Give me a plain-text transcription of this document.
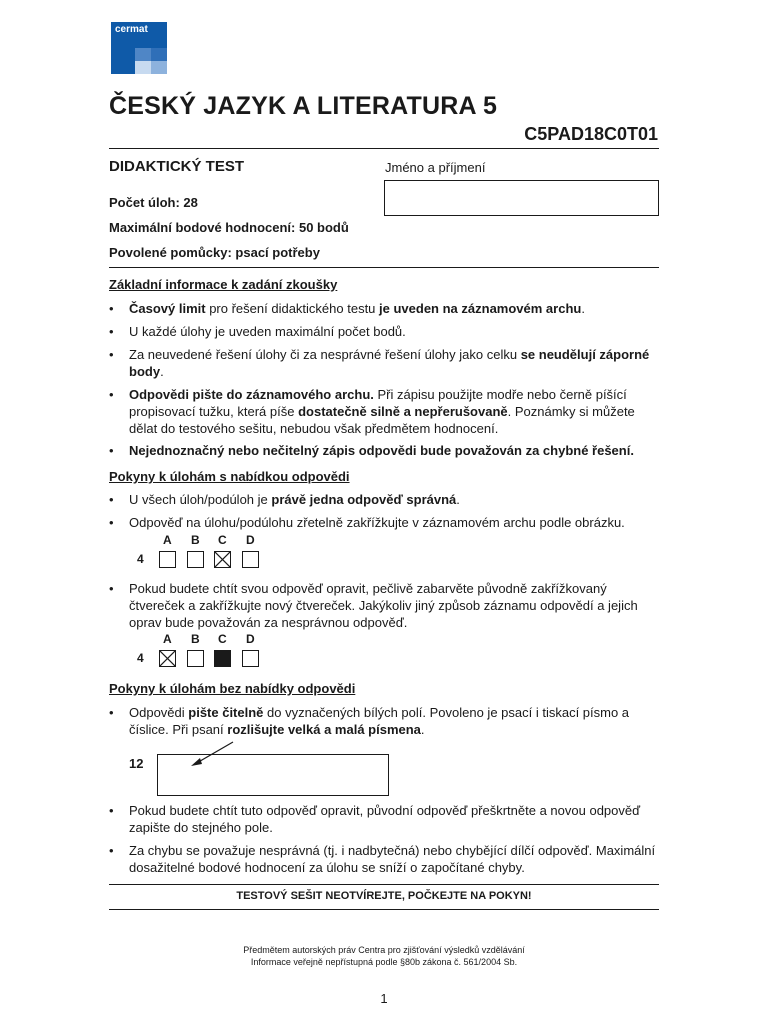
cermat
ČESKÝ JAZYK A LITERATURA 5
C5PAD18C0T01
DIDAKTICKÝ TEST	Jméno a příjmení
Počet úloh: 28
Maximální bodové hodnocení: 50 bodů
Povolené pomůcky: psací potřeby
Základní informace k zadání zkoušky
• Časový limit pro řešení didaktického testu je uveden na záznamovém archu.
• U každé úlohy je uveden maximální počet bodů.
• Za neuvedené řešení úlohy či za nesprávné řešení úlohy jako celku se neudělují záporné body.
• Odpovědi pište do záznamového archu. Při zápisu použijte modře nebo černě píšící propisovací tužku, která píše dostatečně silně a nepřerušovaně. Poznámky si můžete dělat do testového sešitu, nebudou však předmětem hodnocení.
• Nejednoznačný nebo nečitelný zápis odpovědi bude považován za chybné řešení.
Pokyny k úlohám s nabídkou odpovědi
• U všech úloh/podúloh je právě jedna odpověď správná.
• Odpověď na úlohu/podúlohu zřetelně zakřížkujte v záznamovém archu podle obrázku.
A B C D
4
• Pokud budete chtít svou odpověď opravit, pečlivě zabarvěte původně zakřížkovaný čtvereček a zakřížkujte nový čtvereček. Jakýkoliv jiný způsob záznamu odpovědí a jejich oprav bude považován za nesprávnou odpověď.
A B C D
4
Pokyny k úlohám bez nabídky odpovědi
• Odpovědi pište čitelně do vyznačených bílých polí. Povoleno je psací i tiskací písmo a číslice. Při psaní rozlišujte velká a malá písmena.
12
• Pokud budete chtít tuto odpověď opravit, původní odpověď přeškrtněte a novou odpověď zapište do stejného pole.
• Za chybu se považuje nesprávná (tj. i nadbytečná) nebo chybějící dílčí odpověď. Maximální dosažitelné bodové hodnocení za úlohu se sníží o započítané chyby.
TESTOVÝ SEŠIT NEOTVÍREJTE, POČKEJTE NA POKYN!
Předmětem autorských práv Centra pro zjišťování výsledků vzdělávání
Informace veřejně nepřístupná podle §80b zákona č. 561/2004 Sb.
1
